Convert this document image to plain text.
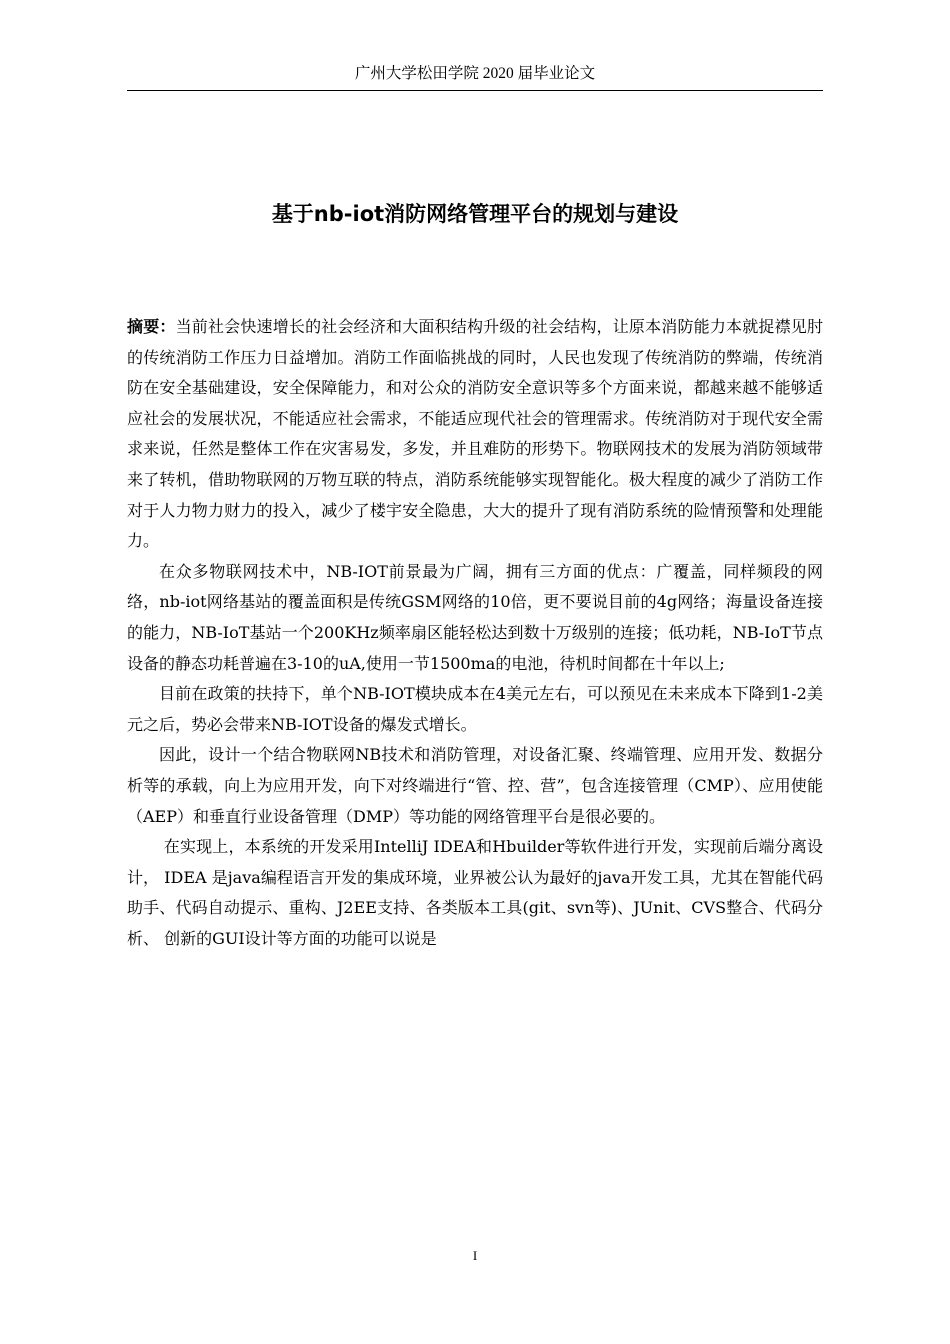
广州大学松田学院 2020 届毕业论文
基于nb-iot消防网络管理平台的规划与建设

摘要：当前社会快速增长的社会经济和大面积结构升级的社会结构，让原本消防能力本就捉襟见肘的传统消防工作压力日益增加。消防工作面临挑战的同时，人民也发现了传统消防的弊端，传统消防在安全基础建设，安全保障能力，和对公众的消防安全意识等多个方面来说，都越来越不能够适应社会的发展状况，不能适应社会需求，不能适应现代社会的管理需求。传统消防对于现代安全需求来说，任然是整体工作在灾害易发，多发，并且难防的形势下。物联网技术的发展为消防领域带来了转机，借助物联网的万物互联的特点，消防系统能够实现智能化。极大程度的减少了消防工作对于人力物力财力的投入，减少了楼宇安全隐患，大大的提升了现有消防系统的险情预警和处理能力。

在众多物联网技术中，NB-IOT前景最为广阔，拥有三方面的优点：广覆盖，同样频段的网络，nb-iot网络基站的覆盖面积是传统GSM网络的10倍，更不要说目前的4g网络；海量设备连接的能力，NB-IoT基站一个200KHz频率扇区能轻松达到数十万级别的连接；低功耗，NB-IoT节点设备的静态功耗普遍在3-10的uA,使用一节1500ma的电池，待机时间都在十年以上;

目前在政策的扶持下，单个NB-IOT模块成本在4美元左右，可以预见在未来成本下降到1-2美元之后，势必会带来NB-IOT设备的爆发式增长。

因此，设计一个结合物联网NB技术和消防管理，对设备汇聚、终端管理、应用开发、数据分析等的承载，向上为应用开发，向下对终端进行“管、控、营”，包含连接管理（CMP）、应用使能（AEP）和垂直行业设备管理（DMP）等功能的网络管理平台是很必要的。

在实现上，本系统的开发采用IntelliJ IDEA和Hbuilder等软件进行开发，实现前后端分离设计， IDEA 是java编程语言开发的集成环境，业界被公认为最好的java开发工具，尤其在智能代码助手、代码自动提示、重构、J2EE支持、各类版本工具(git、svn等)、JUnit、CVS整合、代码分析、 创新的GUI设计等方面的功能可以说是

I
